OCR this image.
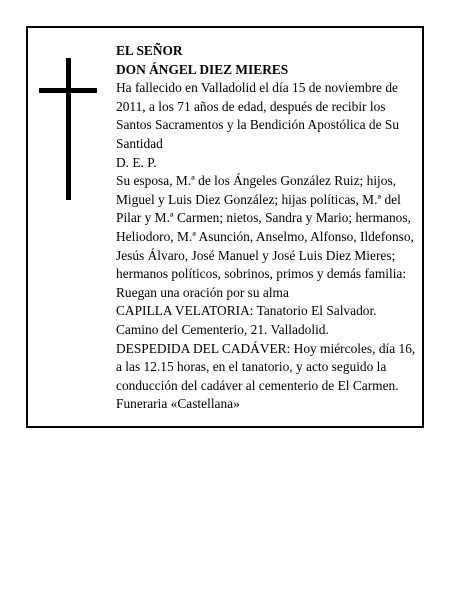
EL SEÑOR

DON ÁNGEL DIEZ MIERES

Ha fallecido en Valladolid el día 15 de noviembre de 2011, a los 71 años de edad, después de recibir los Santos Sacramentos y la Bendición Apostólica de Su Santidad

D. E. P.

Su esposa, M.ª de los Ángeles González Ruiz; hijos, Miguel y Luis Diez González; hijas políticas, M.ª del Pilar y M.ª Carmen; nietos, Sandra y Mario; hermanos, Heliodoro, M.ª Asunción, Anselmo, Alfonso, Ildefonso, Jesús Álvaro, José Manuel y José Luis Diez Mieres; hermanos políticos, sobrinos, primos y demás familia:

Ruegan una oración por su alma

CAPILLA VELATORIA: Tanatorio El Salvador. Camino del Cementerio, 21. Valladolid.

DESPEDIDA DEL CADÁVER: Hoy miércoles, día 16, a las 12.15 horas, en el tanatorio, y acto seguido la conducción del cadáver al cementerio de El Carmen.

Funeraria «Castellana»
